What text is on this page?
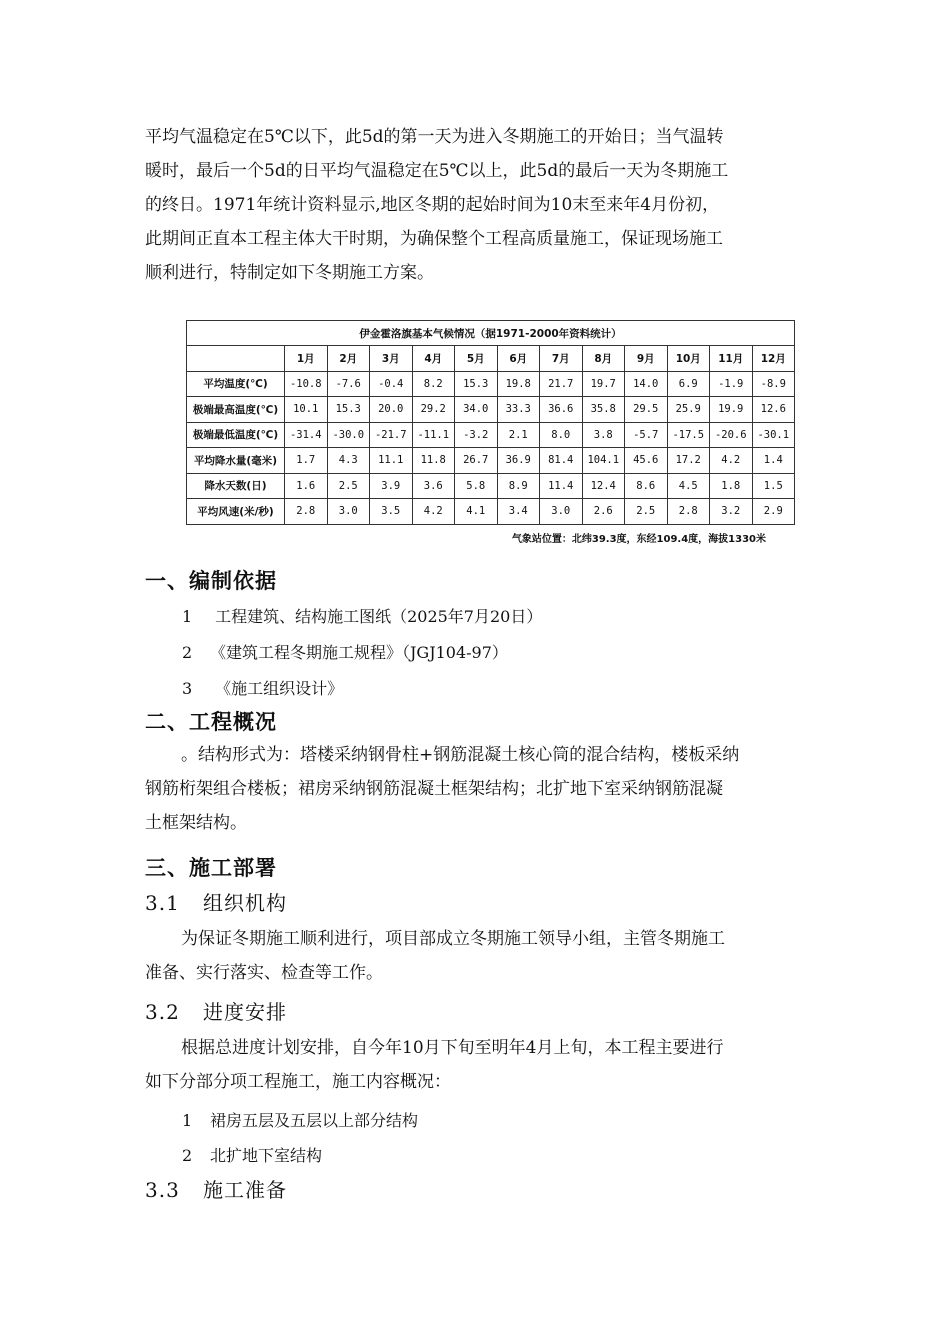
平均气温稳定在5℃以下，此5d的第一天为进入冬期施工的开始日；当气温转
暖时，最后一个5d的日平均气温稳定在5℃以上，此5d的最后一天为冬期施工
的终日。1971年统计资料显示,地区冬期的起始时间为10末至来年4月份初，
此期间正直本工程主体大干时期，为确保整个工程高质量施工，保证现场施工
顺利进行，特制定如下冬期施工方案。
伊金霍洛旗基本气候情况（据1971-2000年资料统计）												
	1月	2月	3月	4月	5月	6月	7月	8月	9月	10月	11月	12月
平均温度(℃)	-10.8	-7.6	-0.4	8.2	15.3	19.8	21.7	19.7	14.0	6.9	-1.9	-8.9
极端最高温度(℃)	10.1	15.3	20.0	29.2	34.0	33.3	36.6	35.8	29.5	25.9	19.9	12.6
极端最低温度(℃)	-31.4	-30.0	-21.7	-11.1	-3.2	2.1	8.0	3.8	-5.7	-17.5	-20.6	-30.1
平均降水量(毫米)	1.7	4.3	11.1	11.8	26.7	36.9	81.4	104.1	45.6	17.2	4.2	1.4
降水天数(日)	1.6	2.5	3.9	3.6	5.8	8.9	11.4	12.4	8.6	4.5	1.8	1.5
平均风速(米/秒)	2.8	3.0	3.5	4.2	4.1	3.4	3.0	2.6	2.5	2.8	3.2	2.9
气象站位置：北纬39.3度，东经109.4度，海拔1330米
一、编制依据
1 工程建筑、结构施工图纸（2025年7月20日）
2 《建筑工程冬期施工规程》（JGJ104-97）
3 《施工组织设计》
二、工程概况
。结构形式为：塔楼采纳钢骨柱+钢筋混凝土核心筒的混合结构，楼板采纳
钢筋桁架组合楼板；裙房采纳钢筋混凝土框架结构；北扩地下室采纳钢筋混凝
土框架结构。
三、施工部署
3.1 组织机构
为保证冬期施工顺利进行，项目部成立冬期施工领导小组，主管冬期施工
准备、实行落实、检查等工作。
3.2 进度安排
根据总进度计划安排，自今年10月下旬至明年4月上旬，本工程主要进行
如下分部分项工程施工，施工内容概况：
1 裙房五层及五层以上部分结构
2 北扩地下室结构
3.3 施工准备
